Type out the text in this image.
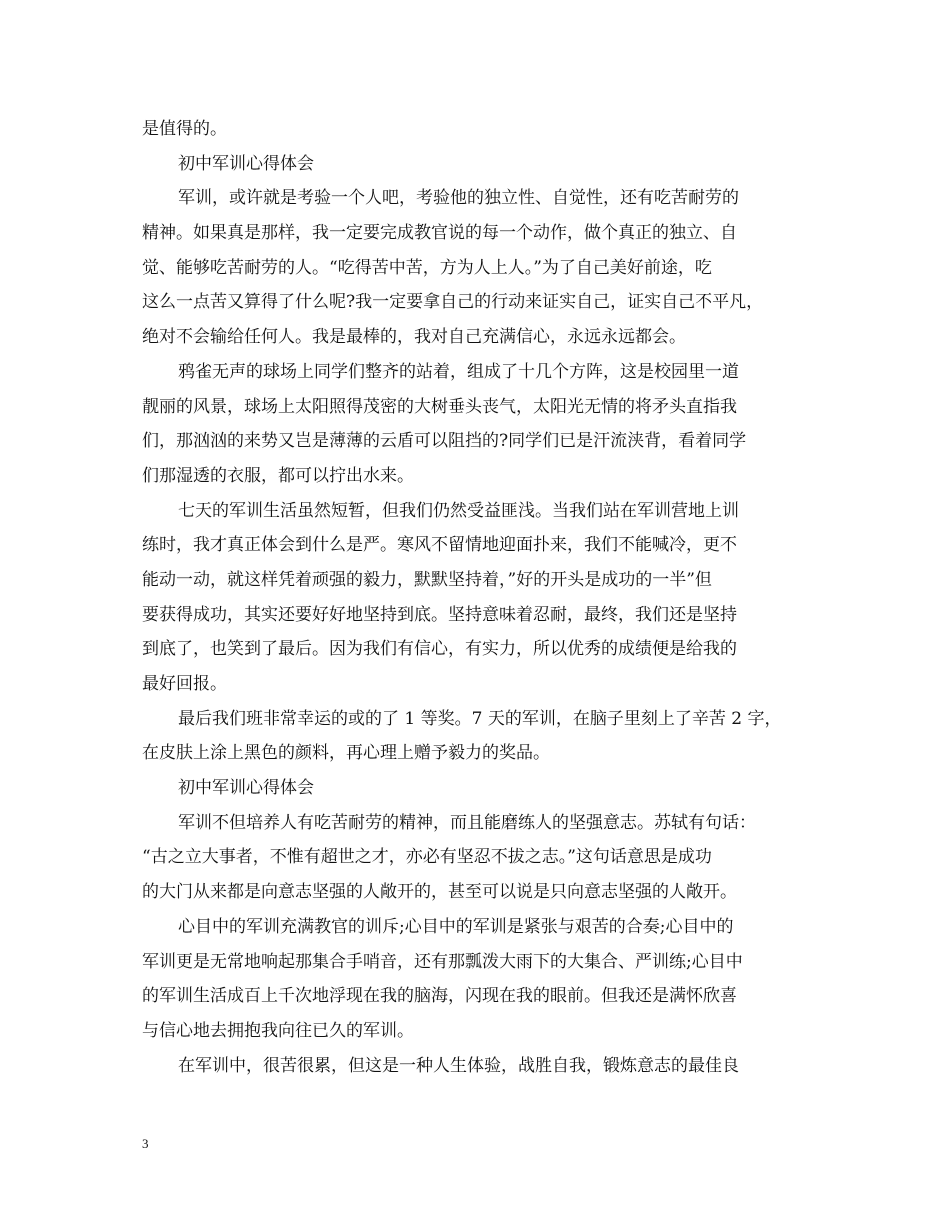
是值得的。
初中军训心得体会
军训，或许就是考验一个人吧，考验他的独立性、自觉性，还有吃苦耐劳的
精神。如果真是那样，我一定要完成教官说的每一个动作，做个真正的独立、自
觉、能够吃苦耐劳的人。“吃得苦中苦，方为人上人。”为了自己美好前途，吃
这么一点苦又算得了什么呢?我一定要拿自己的行动来证实自己，证实自己不平凡，
绝对不会输给任何人。我是最棒的，我对自己充满信心，永远永远都会。
鸦雀无声的球场上同学们整齐的站着，组成了十几个方阵，这是校园里一道
靓丽的风景，球场上太阳照得茂密的大树垂头丧气，太阳光无情的将矛头直指我
们，那汹汹的来势又岂是薄薄的云盾可以阻挡的?同学们已是汗流浃背，看着同学
们那湿透的衣服，都可以拧出水来。
七天的军训生活虽然短暂，但我们仍然受益匪浅。当我们站在军训营地上训
练时，我才真正体会到什么是严。寒风不留情地迎面扑来，我们不能喊冷，更不
能动一动，就这样凭着顽强的毅力，默默坚持着，”好的开头是成功的一半”但
要获得成功，其实还要好好地坚持到底。坚持意味着忍耐，最终，我们还是坚持
到底了，也笑到了最后。因为我们有信心，有实力，所以优秀的成绩便是给我的
最好回报。
最后我们班非常幸运的或的了 1 等奖。7 天的军训，在脑子里刻上了辛苦 2 字，
在皮肤上涂上黑色的颜料，再心理上赠予毅力的奖品。
初中军训心得体会
军训不但培养人有吃苦耐劳的精神，而且能磨练人的坚强意志。苏轼有句话：
“古之立大事者，不惟有超世之才，亦必有坚忍不拔之志。”这句话意思是成功
的大门从来都是向意志坚强的人敞开的，甚至可以说是只向意志坚强的人敞开。
心目中的军训充满教官的训斥;心目中的军训是紧张与艰苦的合奏;心目中的
军训更是无常地响起那集合手哨音，还有那瓢泼大雨下的大集合、严训练;心目中
的军训生活成百上千次地浮现在我的脑海，闪现在我的眼前。但我还是满怀欣喜
与信心地去拥抱我向往已久的军训。
在军训中，很苦很累，但这是一种人生体验，战胜自我，锻炼意志的最佳良
3
